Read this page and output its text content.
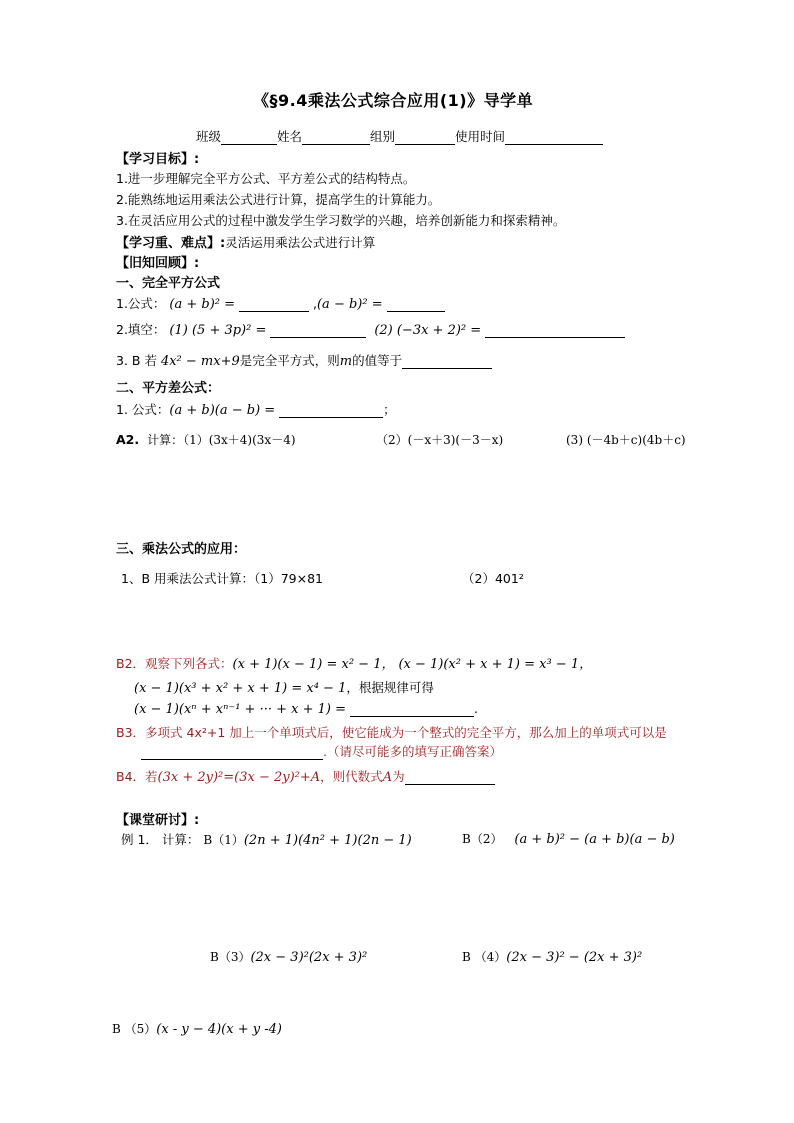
《§9.4乘法公式综合应用(1)》导学单
班级	姓名	组别	使用时间
【学习目标】:
1.进一步理解完全平方公式、平方差公式的结构特点。
2.能熟练地运用乘法公式进行计算，提高学生的计算能力。
3.在灵活应用公式的过程中激发学生学习数学的兴趣，培养创新能力和探索精神。
【学习重、难点】:灵活运用乘法公式进行计算
【旧知回顾】:
一、完全平方公式
1.公式： (a + b)² =	,(a − b)² =
2.填空： (1) (5 + 3p)² =	(2) (−3x + 2)² =
3. B 若 4x² − mx+9是完全平方式，则m的值等于
二、平方差公式：
1. 公式：(a + b)(a − b) =	；
A2. 计算：（1）(3x＋4)(3x－4)	（2）(－x＋3)(－3－x)	(3) (－4b＋c)(4b＋c)
三、乘法公式的应用：
1、B 用乘法公式计算：（1）79×81	（2）401²
B2．观察下列各式：(x + 1)(x − 1) = x² − 1， (x − 1)(x² + x + 1) = x³ − 1，
(x − 1)(x³ + x² + x + 1) = x⁴ − 1，根据规律可得
(x − 1)(xⁿ + xⁿ⁻¹ + ··· + x + 1) =	.
B3．多项式 4x²+1 加上一个单项式后，使它能成为一个整式的完全平方，那么加上的单项式可以是
.（请尽可能多的填写正确答案）
B4．若(3x + 2y)²=(3x − 2y)²+A，则代数式A为
【课堂研讨】:
例 1． 计算： B（1）(2n + 1)(4n² + 1)(2n − 1)	B（2） (a + b)² − (a + b)(a − b)
B（3）(2x − 3)²(2x + 3)²	B （4）(2x − 3)² − (2x + 3)²
B （5）(x - y − 4)(x + y -4)
